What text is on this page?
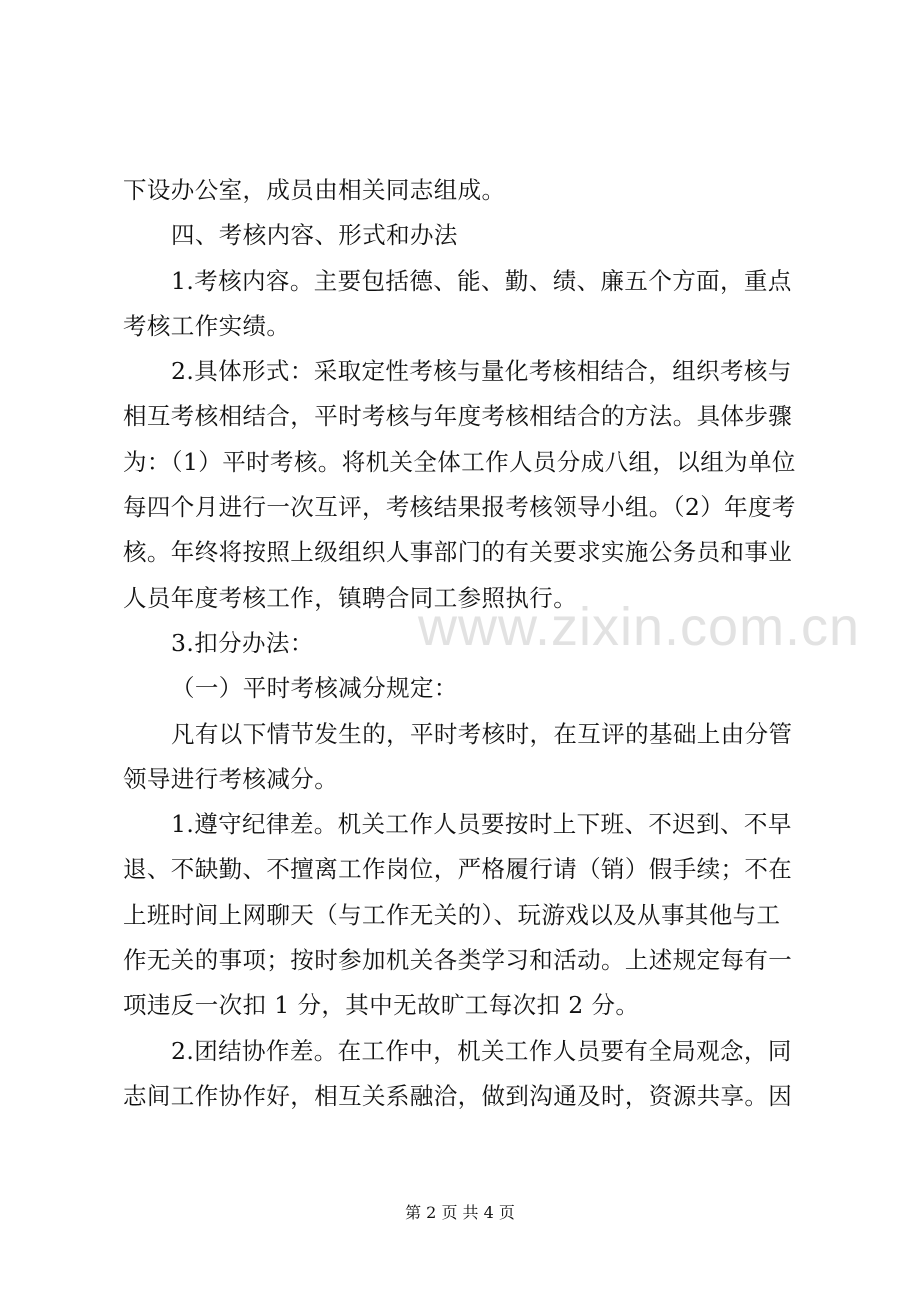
www.zixin.com.cn
下设办公室，成员由相关同志组成。
四、考核内容、形式和办法
1.考核内容。主要包括德、能、勤、绩、廉五个方面，重点
考核工作实绩。
2.具体形式：采取定性考核与量化考核相结合，组织考核与
相互考核相结合，平时考核与年度考核相结合的方法。具体步骤
为：（1）平时考核。将机关全体工作人员分成八组，以组为单位
每四个月进行一次互评，考核结果报考核领导小组。（2）年度考
核。年终将按照上级组织人事部门的有关要求实施公务员和事业
人员年度考核工作，镇聘合同工参照执行。
3.扣分办法：
（一）平时考核减分规定：
凡有以下情节发生的，平时考核时，在互评的基础上由分管
领导进行考核减分。
1.遵守纪律差。机关工作人员要按时上下班、不迟到、不早
退、不缺勤、不擅离工作岗位，严格履行请（销）假手续；不在
上班时间上网聊天（与工作无关的）、玩游戏以及从事其他与工
作无关的事项；按时参加机关各类学习和活动。上述规定每有一
项违反一次扣 1 分，其中无故旷工每次扣 2 分。
2.团结协作差。在工作中，机关工作人员要有全局观念，同
志间工作协作好，相互关系融洽，做到沟通及时，资源共享。因
第 2 页 共 4 页
